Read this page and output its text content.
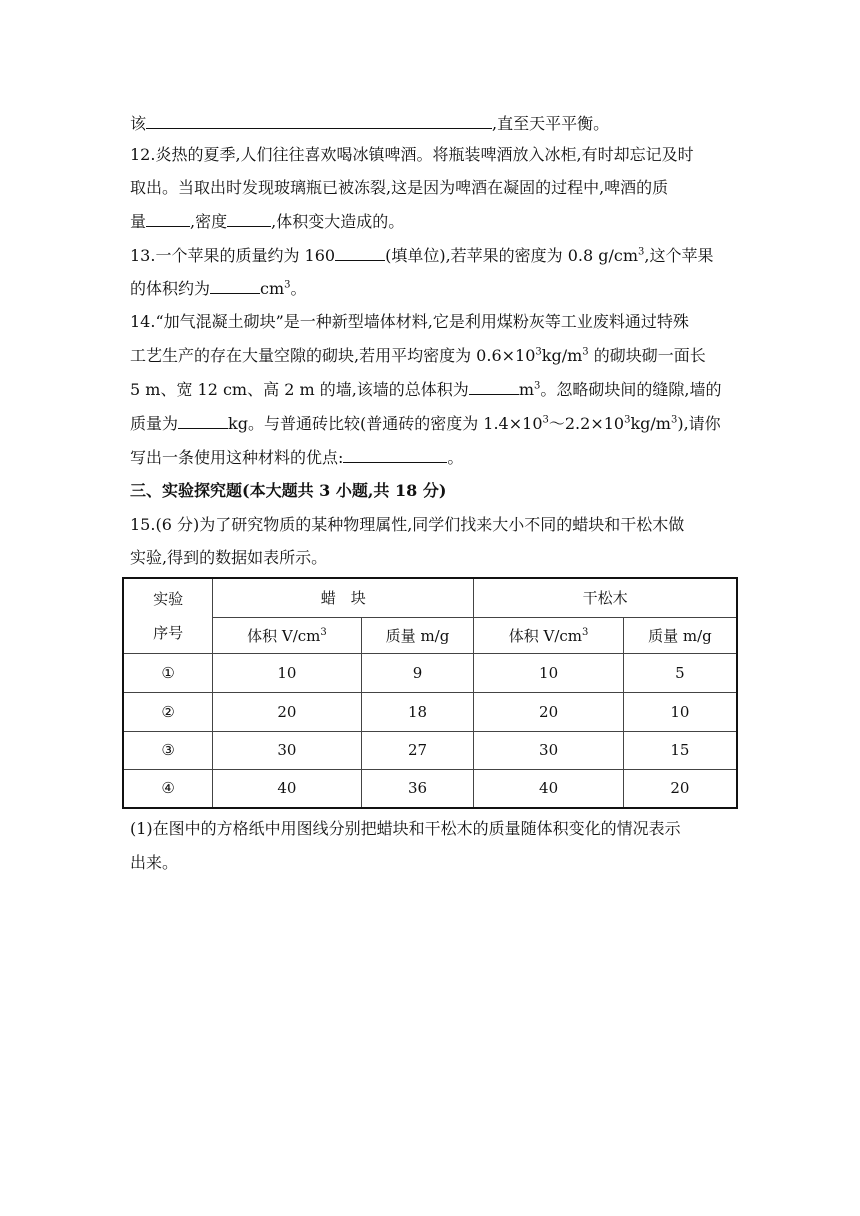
该	,直至天平平衡。
12.炎热的夏季,人们往往喜欢喝冰镇啤酒。将瓶装啤酒放入冰柜,有时却忘记及时
取出。当取出时发现玻璃瓶已被冻裂,这是因为啤酒在凝固的过程中,啤酒的质
量	,密度	,体积变大造成的。
13.一个苹果的质量约为 160	(填单位),若苹果的密度为 0.8 $g/cm^3$,这个苹果
的体积约为	$cm^3$。
14.“加气混凝土砌块”是一种新型墙体材料,它是利用煤粉灰等工业废料通过特殊
工艺生产的存在大量空隙的砌块,若用平均密度为 $0.6\times 10^3kg/m^3$ 的砌块砌一面长
5 m、宽 12 cm、高 2 m 的墙,该墙的总体积为	$m^3$。忽略砌块间的缝隙,墙的
质量为	kg。与普通砖比较(普通砖的密度为 $1.4\times 10^3\sim 2.2\times 10^3kg/m^3$),请你
写出一条使用这种材料的优点:	。
三、实验探究题(本大题共 3 小题,共 18 分)
15.(6 分)为了研究物质的某种物理属性,同学们找来大小不同的蜡块和干松木做
实验,得到的数据如表所示。
实验
序号	蜡　块		干松木	
	体积 $V/cm^3$	质量 m/g	体积 $V/cm^3$	质量 m/g
①	10	9	10	5
②	20	18	20	10
③	30	27	30	15
④	40	36	40	20
(1)在图中的方格纸中用图线分别把蜡块和干松木的质量随体积变化的情况表示
出来。
